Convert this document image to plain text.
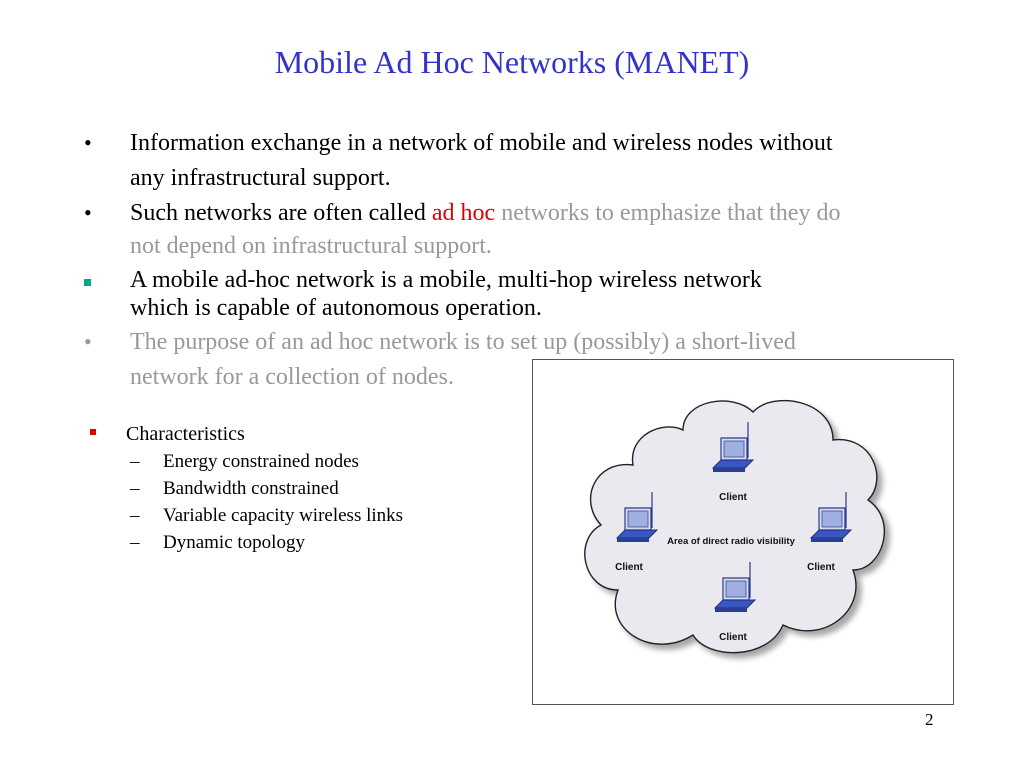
Mobile Ad Hoc Networks (MANET)
• Information exchange in a network of mobile and wireless nodes without
any infrastructural support.
• Such networks are often called ad hoc networks to emphasize that they do
not depend on infrastructural support.
A mobile ad-hoc network is a mobile, multi-hop wireless network
which is capable of autonomous operation.
• The purpose of an ad hoc network is to set up (possibly) a short-lived
network for a collection of nodes.
Characteristics
– Energy constrained nodes
– Bandwidth constrained
– Variable capacity wireless links
– Dynamic topology
Client
Client	Client
Client
Area of direct radio visibility
2
